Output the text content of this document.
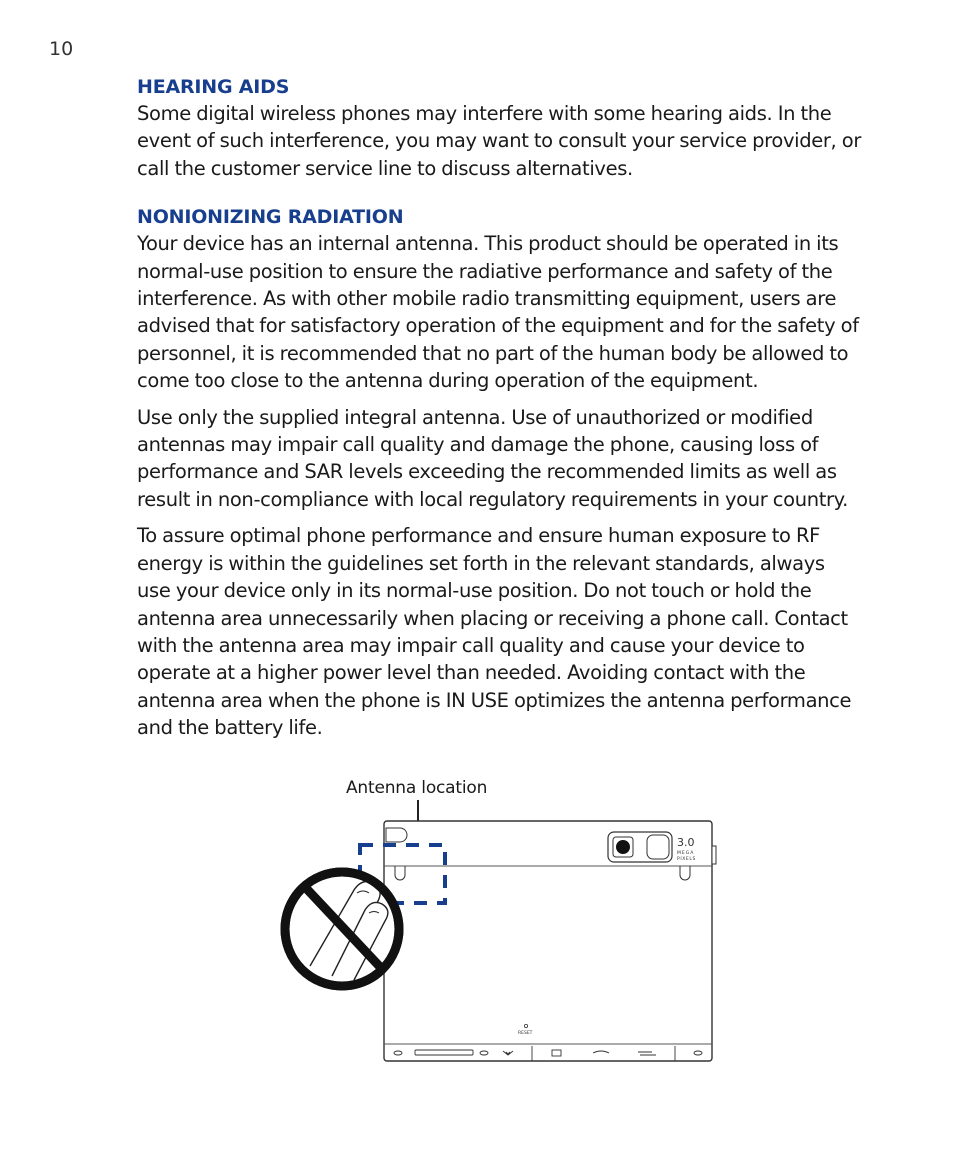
10
HEARING AIDS

Some digital wireless phones may interfere with some hearing aids. In the event of such interference, you may want to consult your service provider, or call the customer service line to discuss alternatives.

NONIONIZING RADIATION

Your device has an internal antenna. This product should be operated in its normal-use position to ensure the radiative performance and safety of the interference. As with other mobile radio transmitting equipment, users are advised that for satisfactory operation of the equipment and for the safety of personnel, it is recommended that no part of the human body be allowed to come too close to the antenna during operation of the equipment.

Use only the supplied integral antenna. Use of unauthorized or modified antennas may impair call quality and damage the phone, causing loss of performance and SAR levels exceeding the recommended limits as well as result in non-compliance with local regulatory requirements in your country.

To assure optimal phone performance and ensure human exposure to RF energy is within the guidelines set forth in the relevant standards, always use your device only in its normal-use position. Do not touch or hold the antenna area unnecessarily when placing or receiving a phone call. Contact with the antenna area may impair call quality and cause your device to operate at a higher power level than needed. Avoiding contact with the antenna area when the phone is IN USE optimizes the antenna performance and the battery life.

Antenna location
3.0
MEGA
PIXELS
RESET
